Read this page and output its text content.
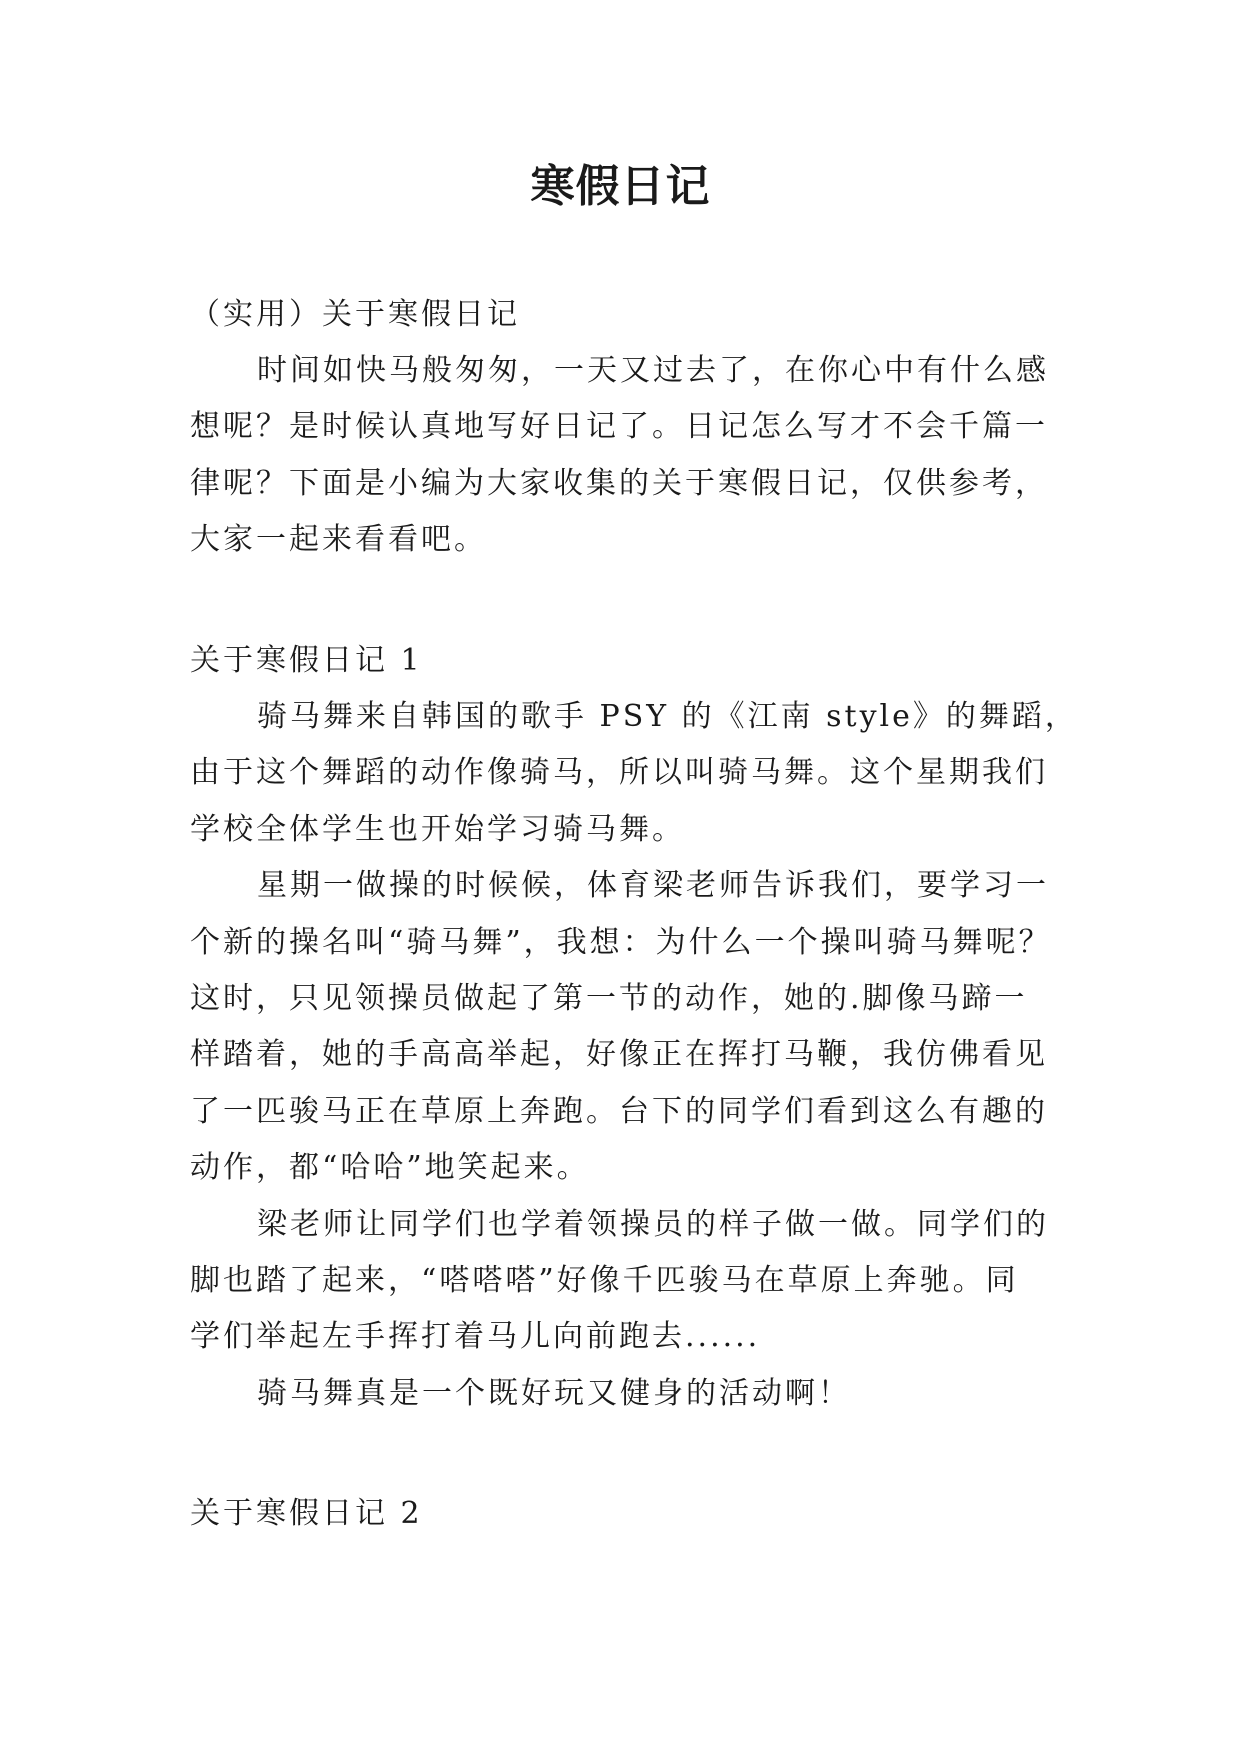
寒假日记
（实用）关于寒假日记
时间如快马般匆匆，一天又过去了，在你心中有什么感
想呢？是时候认真地写好日记了。日记怎么写才不会千篇一
律呢？下面是小编为大家收集的关于寒假日记，仅供参考，
大家一起来看看吧。
关于寒假日记 1
骑马舞来自韩国的歌手 PSY 的《江南 style》的舞蹈，
由于这个舞蹈的动作像骑马，所以叫骑马舞。这个星期我们
学校全体学生也开始学习骑马舞。
星期一做操的时候候，体育梁老师告诉我们，要学习一
个新的操名叫“骑马舞”，我想：为什么一个操叫骑马舞呢？
这时，只见领操员做起了第一节的动作，她的.脚像马蹄一
样踏着，她的手高高举起，好像正在挥打马鞭，我仿佛看见
了一匹骏马正在草原上奔跑。台下的同学们看到这么有趣的
动作，都“哈哈”地笑起来。
梁老师让同学们也学着领操员的样子做一做。同学们的
脚也踏了起来，“嗒嗒嗒”好像千匹骏马在草原上奔驰。同
学们举起左手挥打着马儿向前跑去......
骑马舞真是一个既好玩又健身的活动啊！
关于寒假日记 2
